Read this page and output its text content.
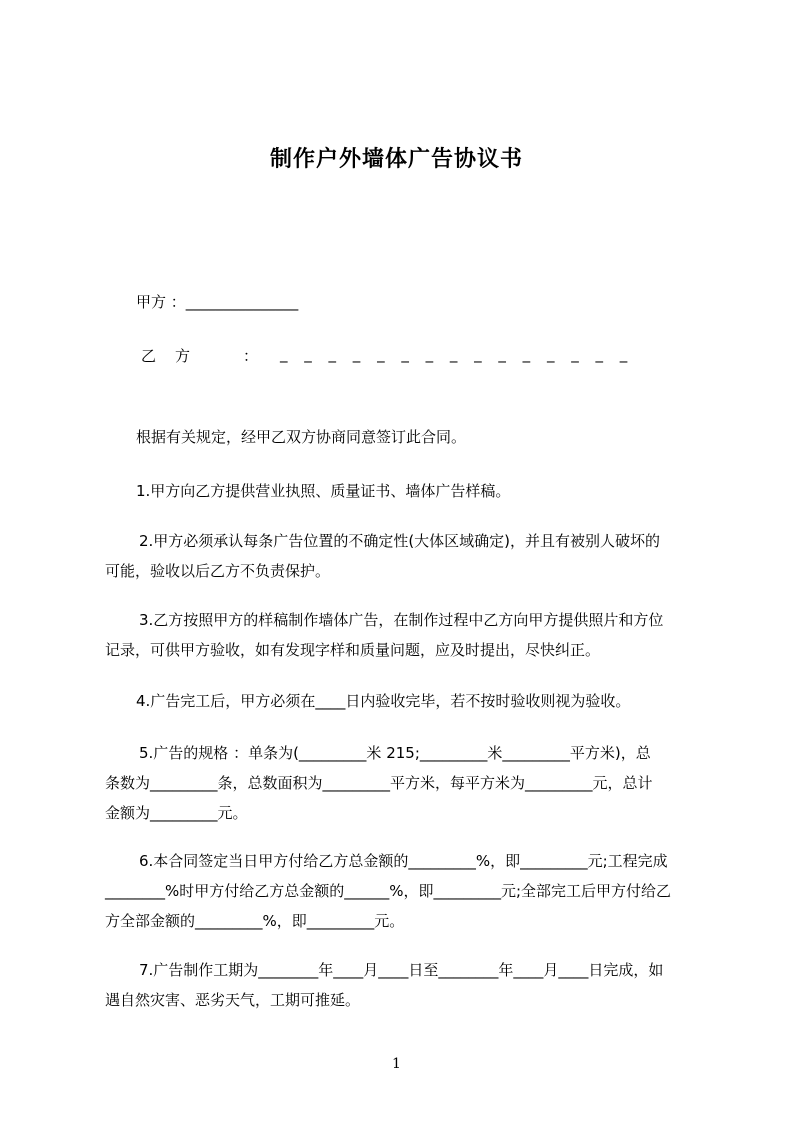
制作户外墙体广告协议书
甲方 ：_______________
乙　方	： _ _ _ _ _ _ _ _ _ _ _ _ _ _ _
根据有关规定，经甲乙双方协商同意签订此合同。
1.甲方向乙方提供营业执照、质量证书、墙体广告样稿。
2.甲方必须承认每条广告位置的不确定性(大体区域确定)，并且有被别人破坏的
可能，验收以后乙方不负责保护。
3.乙方按照甲方的样稿制作墙体广告，在制作过程中乙方向甲方提供照片和方位
记录，可供甲方验收，如有发现字样和质量问题，应及时提出，尽快纠正。
4.广告完工后，甲方必须在____日内验收完毕，若不按时验收则视为验收。
5.广告的规格 ：单条为(_________米 215;_________米_________平方米)，总
条数为_________条，总数面积为_________平方米，每平方米为_________元，总计
金额为_________元。
6.本合同签定当日甲方付给乙方总金额的_________%，即_________元;工程完成
________%时甲方付给乙方总金额的______%，即_________元;全部完工后甲方付给乙
方全部金额的_________%，即_________元。
7.广告制作工期为________年____月____日至________年____月____日完成，如
遇自然灾害、恶劣天气，工期可推延。
1
